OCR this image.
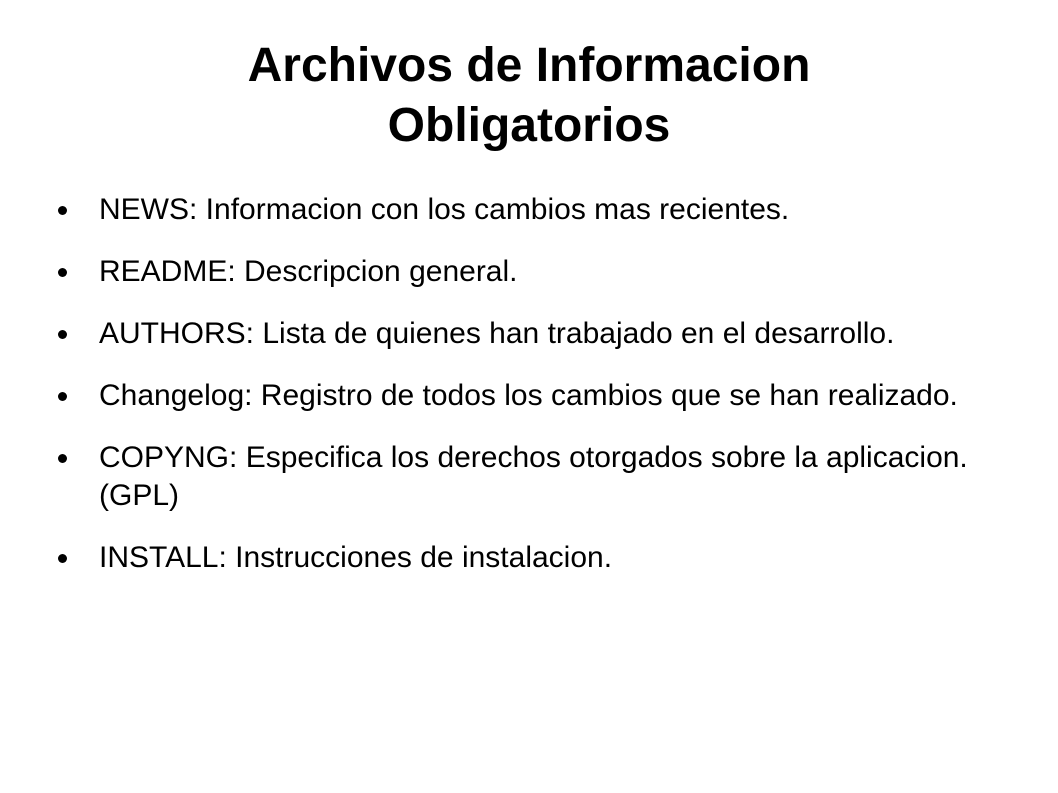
Archivos de Informacion
Obligatorios
NEWS: Informacion con los cambios mas recientes.
README: Descripcion general.
AUTHORS: Lista de quienes han trabajado en el desarrollo.
Changelog: Registro de todos los cambios que se han realizado.
COPYNG: Especifica los derechos otorgados sobre la aplicacion. (GPL)
INSTALL: Instrucciones de instalacion.
